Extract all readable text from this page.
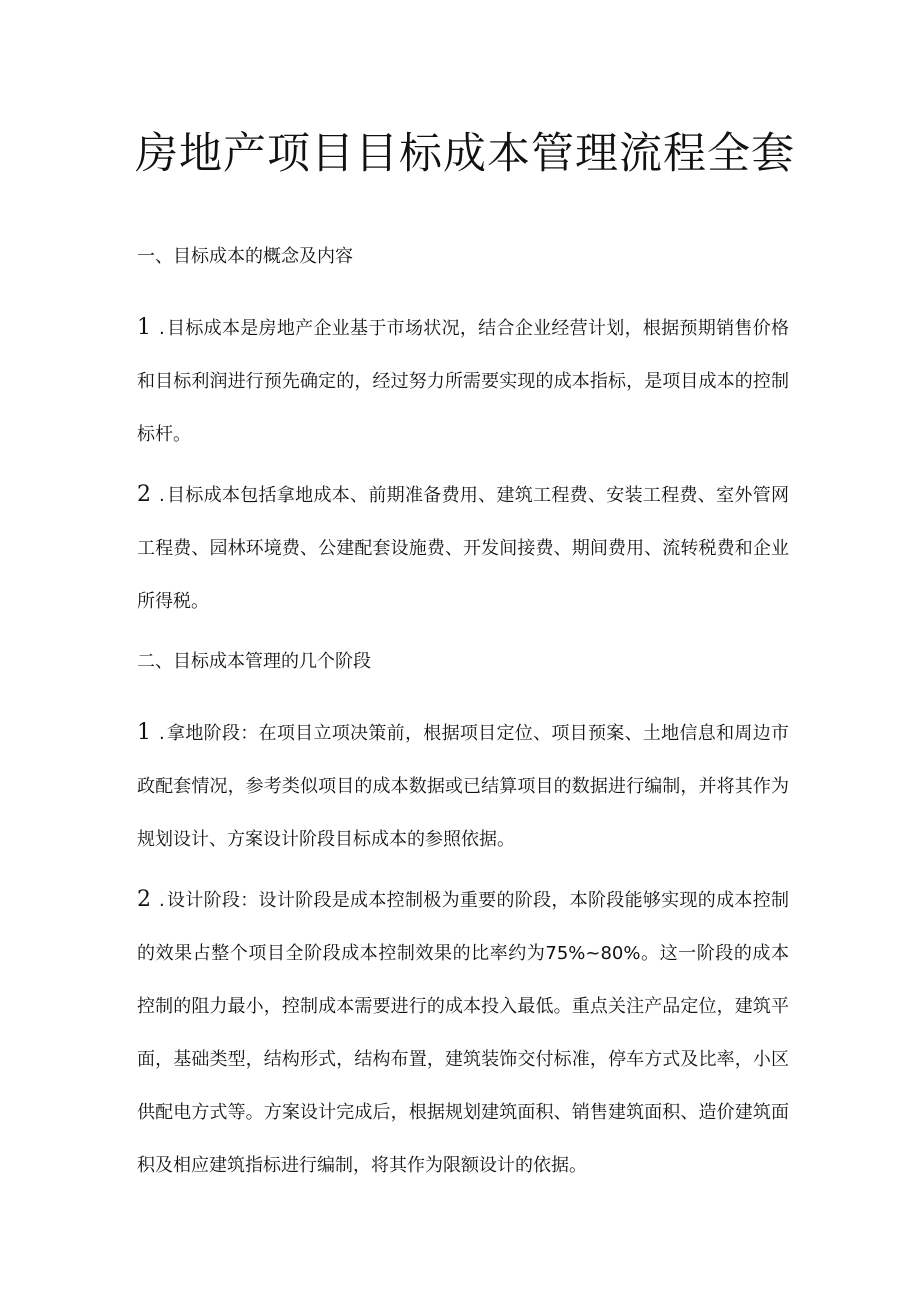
房地产项目目标成本管理流程全套
一、目标成本的概念及内容

1 . 目标成本是房地产企业基于市场状况，结合企业经营计划，根据预期销售价格和目标利润进行预先确定的，经过努力所需要实现的成本指标，是项目成本的控制标杆。

2 . 目标成本包括拿地成本、前期准备费用、建筑工程费、安装工程费、室外管网工程费、园林环境费、公建配套设施费、开发间接费、期间费用、流转税费和企业所得税。

二、目标成本管理的几个阶段

1 . 拿地阶段：在项目立项决策前，根据项目定位、项目预案、土地信息和周边市政配套情况，参考类似项目的成本数据或已结算项目的数据进行编制，并将其作为规划设计、方案设计阶段目标成本的参照依据。

2 . 设计阶段：设计阶段是成本控制极为重要的阶段，本阶段能够实现的成本控制的效果占整个项目全阶段成本控制效果的比率约为75%~80%。这一阶段的成本控制的阻力最小，控制成本需要进行的成本投入最低。重点关注产品定位，建筑平面，基础类型，结构形式，结构布置，建筑装饰交付标准，停车方式及比率，小区供配电方式等。方案设计完成后，根据规划建筑面积、销售建筑面积、造价建筑面积及相应建筑指标进行编制，将其作为限额设计的依据。
